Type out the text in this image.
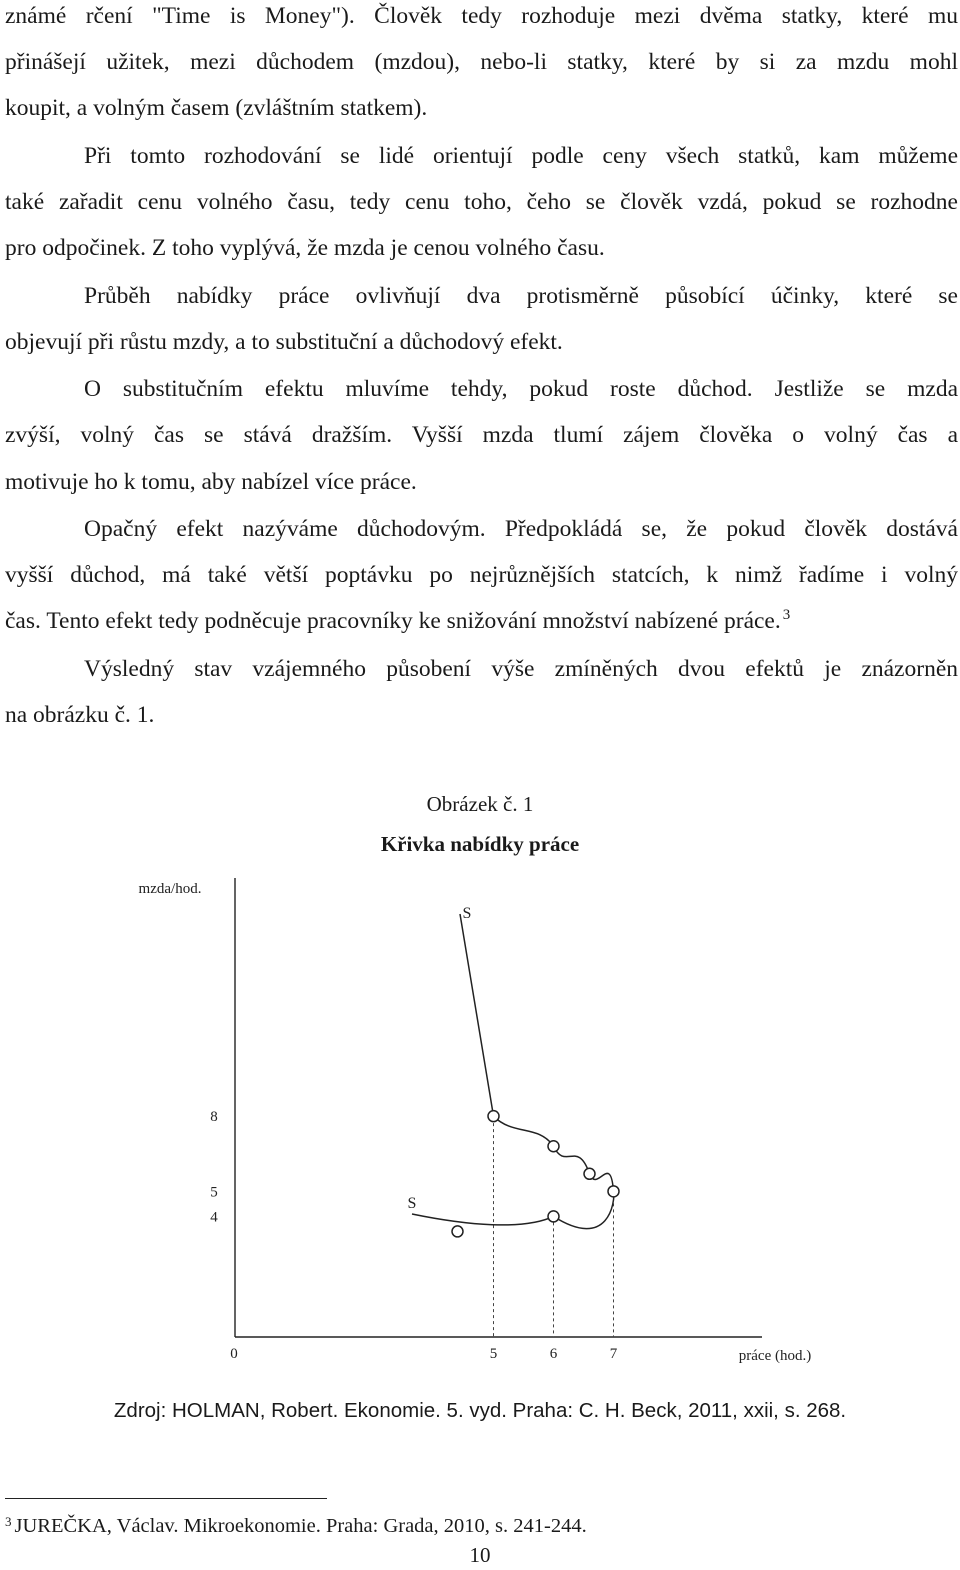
známé rčení "Time is Money"). Člověk tedy rozhoduje mezi dvěma statky, které mu
přinášejí užitek, mezi důchodem (mzdou), nebo-li statky, které by si za mzdu mohl
koupit, a volným časem (zvláštním statkem).
Při tomto rozhodování se lidé orientují podle ceny všech statků, kam můžeme
také zařadit cenu volného času, tedy cenu toho, čeho se člověk vzdá, pokud se rozhodne
pro odpočinek. Z toho vyplývá, že mzda je cenou volného času.
Průběh nabídky práce ovlivňují dva protisměrně působící účinky, které se
objevují při růstu mzdy, a to substituční a důchodový efekt.
O substitučním efektu mluvíme tehdy, pokud roste důchod. Jestliže se mzda
zvýší, volný čas se stává dražším. Vyšší mzda tlumí zájem člověka o volný čas a
motivuje ho k tomu, aby nabízel více práce.
Opačný efekt nazýváme důchodovým. Předpokládá se, že pokud člověk dostává
vyšší důchod, má také větší poptávku po nejrůznějších statcích, k nimž řadíme i volný
čas. Tento efekt tedy podněcuje pracovníky ke snižování množství nabízené práce. $^3$
Výsledný stav vzájemného působení výše zmíněných dvou efektů je znázorněn
na obrázku č. 1.
Obrázek č. 1
Křivka nabídky práce
mzda/hod.
práce (hod.)
0
8
5
4
5	6	7
S
S
Zdroj: HOLMAN, Robert. Ekonomie. 5. vyd. Praha: C. H. Beck, 2011, xxii, s. 268.
$^3$ JUREČKA, Václav. Mikroekonomie. Praha: Grada, 2010, s. 241-244.
10
